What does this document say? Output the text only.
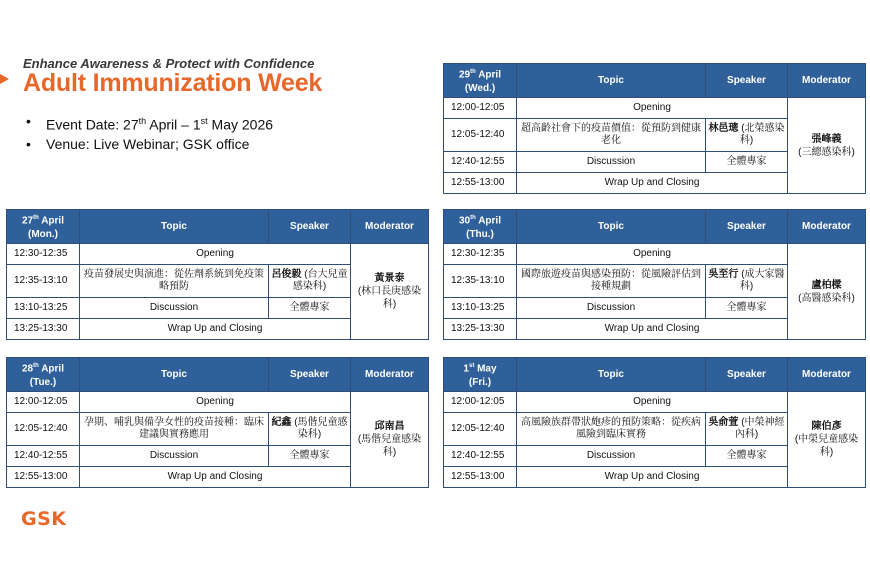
Enhance Awareness & Protect with Confidence
Adult Immunization Week
• Event Date: 27th April – 1st May 2026
• Venue: Live Webinar; GSK office
27th April
(Mon.)	Topic	Speaker	Moderator
12:30-12:35	Opening		黃景泰
(林口長庚感染科)
12:35-13:10	疫苗發展史與演進：從佐劑系統到免疫策略預防	呂俊毅 (台大兒童感染科)	
13:10-13:25	Discussion	全體專家	
13:25-13:30	Wrap Up and Closing		
28th April
(Tue.)	Topic	Speaker	Moderator
12:00-12:05	Opening		邱南昌
(馬偕兒童感染科)
12:05-12:40	孕期、哺乳與備孕女性的疫苗接種：臨床建議與實務應用	紀鑫 (馬偕兒童感染科)	
12:40-12:55	Discussion	全體專家	
12:55-13:00	Wrap Up and Closing		
29th April
(Wed.)	Topic	Speaker	Moderator
12:00-12:05	Opening		張峰義
(三總感染科)
12:05-12:40	超高齡社會下的疫苗價值：從預防到健康老化	林邑璁 (北榮感染科)	
12:40-12:55	Discussion	全體專家	
12:55-13:00	Wrap Up and Closing		
30th April
(Thu.)	Topic	Speaker	Moderator
12:30-12:35	Opening		盧柏樑
(高醫感染科)
12:35-13:10	國際旅遊疫苗與感染預防：從風險評估到接種規劃	吳至行 (成大家醫科)	
13:10-13:25	Discussion	全體專家	
13:25-13:30	Wrap Up and Closing		
1st May
(Fri.)	Topic	Speaker	Moderator
12:00-12:05	Opening		陳伯彥
(中榮兒童感染科)
12:05-12:40	高風險族群帶狀皰疹的預防策略：從疾病風險到臨床實務	吳俞萱 (中榮神經內科)	
12:40-12:55	Discussion	全體專家	
12:55-13:00	Wrap Up and Closing		
GSK
